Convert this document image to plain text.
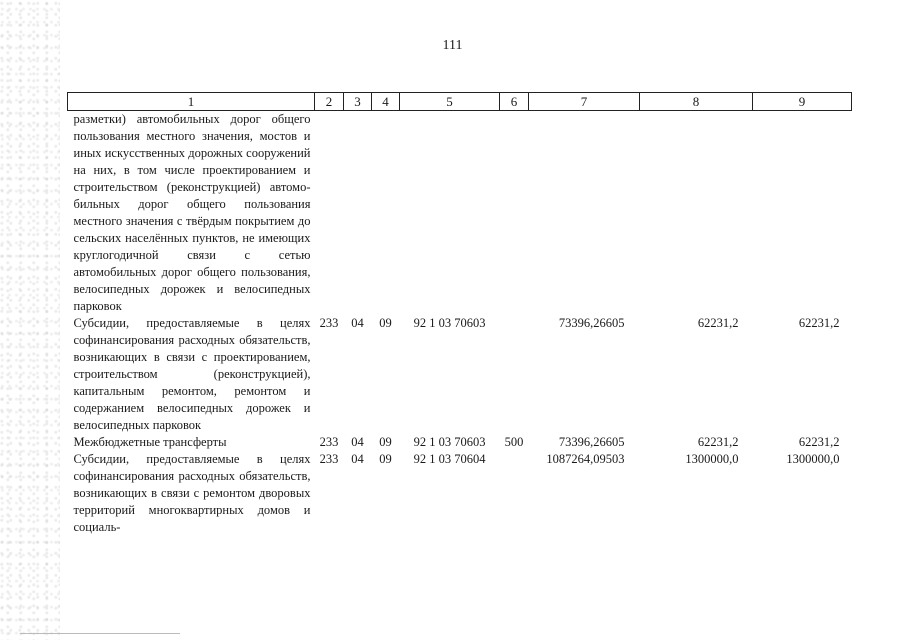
111
1	2	3	4	5	6	7	8	9
разметки) автомобильных дорог общего пользования местного значения, мостов и иных искусственных дорожных сооружений на них, в том числе проектированием и строительством (реконструкцией) автомобильных дорог общего пользования местного значения с твёрдым покрытием до сельских населённых пунктов, не имеющих круглогодичной связи с сетью автомобильных дорог общего пользования, велосипедных дорожек и велосипедных парковок								
Субсидии, предоставляемые в целях софинансирования расходных обязательств, возникающих в связи с проектированием, строительством (реконструкцией), капитальным ремонтом, ремонтом и содержанием велосипедных дорожек и велосипедных парковок	233	04	09	92 1 03 70603		73396,26605	62231,2	62231,2
Межбюджетные трансферты	233	04	09	92 1 03 70603	500	73396,26605	62231,2	62231,2
Субсидии, предоставляемые в целях софинансирования расходных обязательств, возникающих в связи с ремонтом дворовых территорий многоквартирных домов и социаль-	233	04	09	92 1 03 70604		1087264,09503	1300000,0	1300000,0
